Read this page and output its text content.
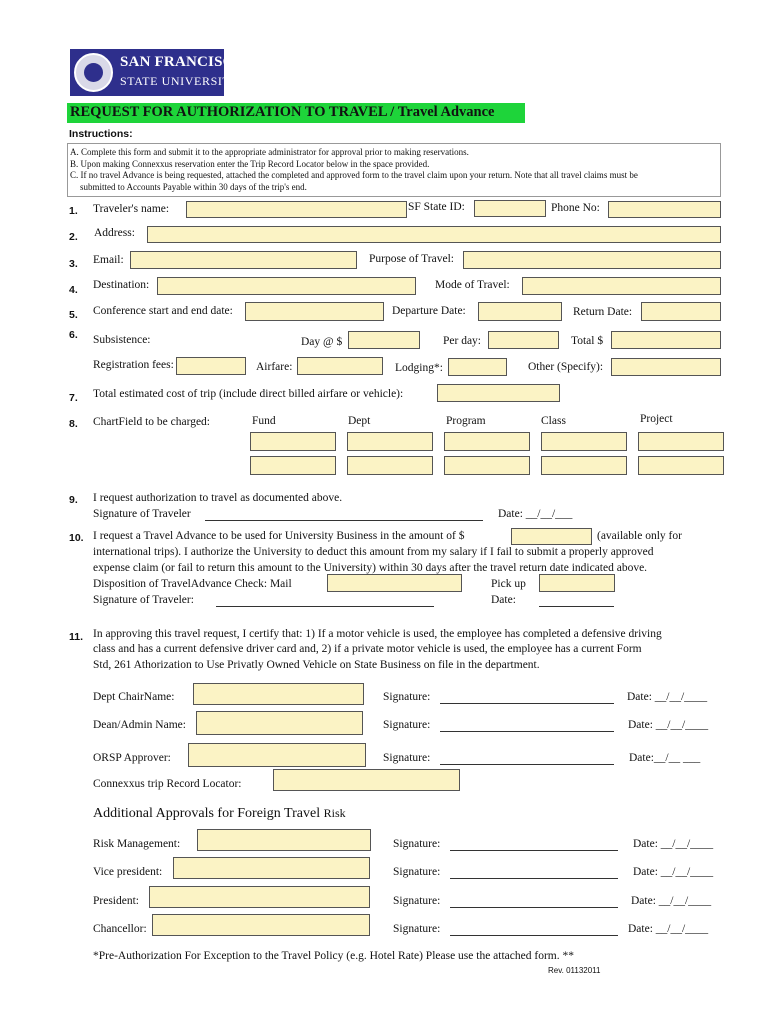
SAN FRANCISCO
STATE UNIVERSITY
REQUEST FOR AUTHORIZATION TO TRAVEL / Travel Advance
Instructions:
A. Complete this form and submit it to the appropriate administrator for approval prior to making reservations.
B. Upon making Connexxus reservation enter the Trip Record Locator below in the space provided.
C. If no travel Advance is being requested, attached the completed and approved form to the travel claim upon your return. Note that all travel claims must be
submitted to Accounts Payable within 30 days of the trip's end.
1. Traveler's name:	SF State ID:	Phone No:
2. Address:
3. Email:	Purpose of Travel:
4. Destination:	Mode of Travel:
5. Conference start and end date:	Departure Date:	Return Date:
6. Subsistence:	Day @ $	Per day:	Total $
Registration fees:	Airfare:	Lodging*:	Other (Specify):
7. Total estimated cost of trip (include direct billed airfare or vehicle):
8. ChartField to be charged:	Fund	Dept	Program	Class	Project
9. I request authorization to travel as documented above.
Signature of Traveler	Date: __/__/___
10. I request a Travel Advance to be used for University Business in the amount of $	(available only for
international trips). I authorize the University to deduct this amount from my salary if I fail to submit a properly approved
expense claim (or fail to return this amount to the University) within 30 days after the travel return date indicated above.
Disposition of TravelAdvance Check: Mail	Pick up
Signature of Traveler:	Date:
11. In approving this travel request, I certify that: 1) If a motor vehicle is used, the employee has completed a defensive driving
class and has a current defensive driver card and, 2) if a private motor vehicle is used, the employee has a current Form
Std, 261 Athorization to Use Privatly Owned Vehicle on State Business on file in the department.
Dept ChairName:	Signature:	Date: __/__/____
Dean/Admin Name:	Signature:	Date: __/__/____
ORSP Approver:	Signature:	Date:__/__ ___
Connexxus trip Record Locator:
Additional Approvals for Foreign Travel Risk
Risk Management:	Signature:	Date: __/__/____
Vice president:	Signature:	Date: __/__/____
President:	Signature:	Date: __/__/____
Chancellor:	Signature:	Date: __/__/____
*Pre-Authorization For Exception to the Travel Policy (e.g. Hotel Rate) Please use the attached form. **
Rev. 01132011
